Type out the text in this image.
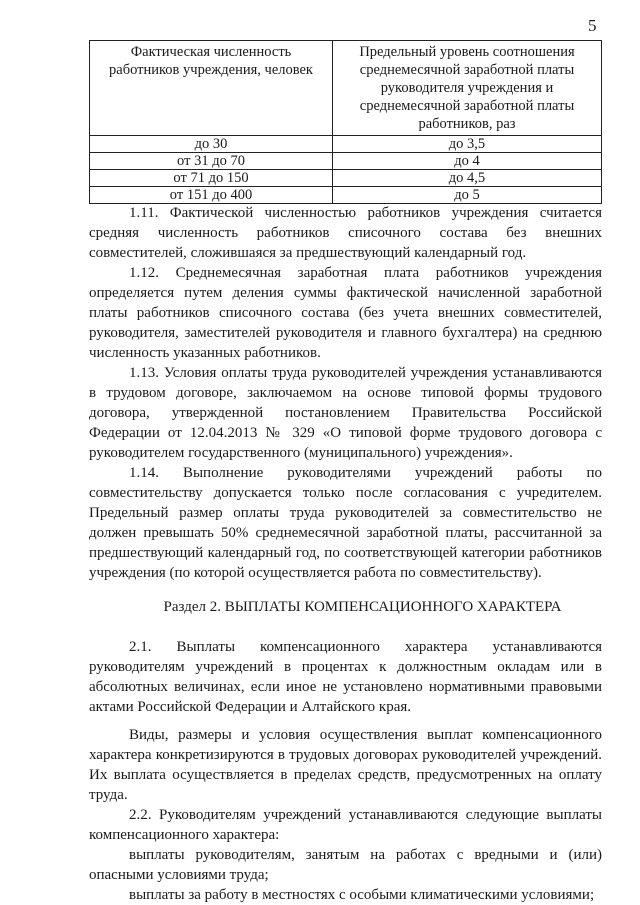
5
Фактическая численность работников учреждения, человек	Предельный уровень соотношения среднемесячной заработной платы руководителя учреждения и среднемесячной заработной платы работников, раз
до 30	до 3,5
от 31 до 70	до 4
от 71 до 150	до 4,5
от 151 до 400	до 5

1.11. Фактической численностью работников учреждения считается средняя численность работников списочного состава без внешних совместителей, сложившаяся за предшествующий календарный год.

1.12. Среднемесячная заработная плата работников учреждения определяется путем деления суммы фактической начисленной заработной платы работников списочного состава (без учета внешних совместителей, руководителя, заместителей руководителя и главного бухгалтера) на среднюю численность указанных работников.

1.13. Условия оплаты труда руководителей учреждения устанавливаются в трудовом договоре, заключаемом на основе типовой формы трудового договора, утвержденной постановлением Правительства Российской Федерации от 12.04.2013 № 329 «О типовой форме трудового договора с руководителем государственного (муниципального) учреждения».

1.14. Выполнение руководителями учреждений работы по совместительству допускается только после согласования с учредителем. Предельный размер оплаты труда руководителей за совместительство не должен превышать 50% среднемесячной заработной платы, рассчитанной за предшествующий календарный год, по соответствующей категории работников учреждения (по которой осуществляется работа по совместительству).

Раздел 2. ВЫПЛАТЫ КОМПЕНСАЦИОННОГО ХАРАКТЕРА

2.1. Выплаты компенсационного характера устанавливаются руководителям учреждений в процентах к должностным окладам или в абсолютных величинах, если иное не установлено нормативными правовыми актами Российской Федерации и Алтайского края.

Виды, размеры и условия осуществления выплат компенсационного характера конкретизируются в трудовых договорах руководителей учреждений. Их выплата осуществляется в пределах средств, предусмотренных на оплату труда.

2.2. Руководителям учреждений устанавливаются следующие выплаты компенсационного характера:

выплаты руководителям, занятым на работах с вредными и (или) опасными условиями труда;

выплаты за работу в местностях с особыми климатическими условиями;
